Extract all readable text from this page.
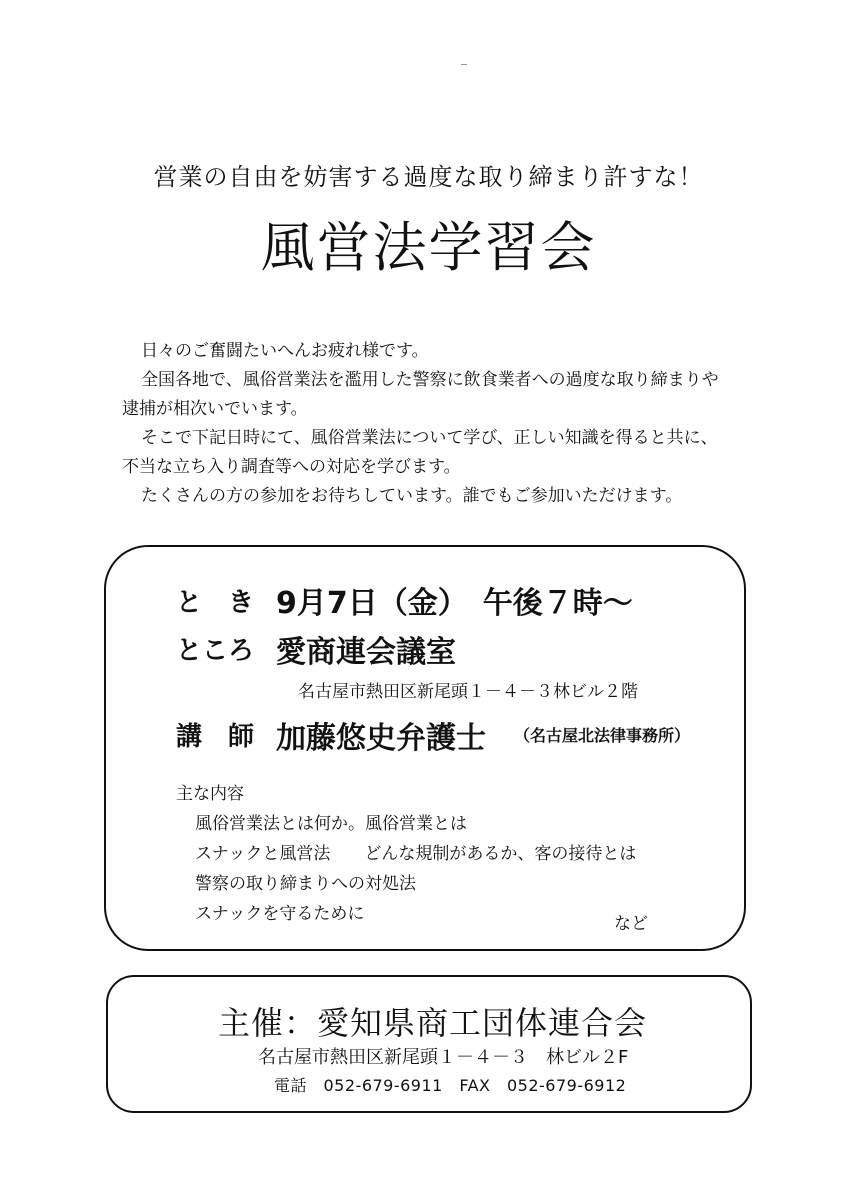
営業の自由を妨害する過度な取り締まり許すな！
風営法学習会
日々のご奮闘たいへんお疲れ様です。
全国各地で、風俗営業法を濫用した警察に飲食業者への過度な取り締まりや
逮捕が相次いでいます。
そこで下記日時にて、風俗営業法について学び、正しい知識を得ると共に、
不当な立ち入り調査等への対応を学びます。
たくさんの方の参加をお待ちしています。誰でもご参加いただけます。
と　き 9月7日（金）　午後７時～
ところ 愛商連会議室
名古屋市熱田区新尾頭１－４－３林ビル２階
講　師 加藤悠史弁護士 （名古屋北法律事務所）
主な内容
風俗営業法とは何か。風俗営業とは
スナックと風営法　　どんな規制があるか、客の接待とは
警察の取り締まりへの対処法
スナックを守るために	など
主催：愛知県商工団体連合会
名古屋市熱田区新尾頭１－４－３　林ビル２F
電話　052-679-6911　FAX　052-679-6912
